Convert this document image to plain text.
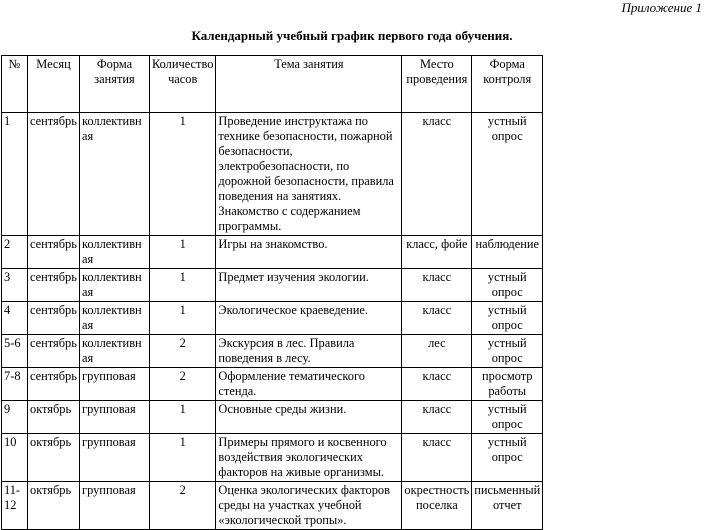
Приложение 1
Календарный учебный график первого года обучения.
№	Месяц	Форма занятия	Количество часов	Тема занятия	Место проведения	Форма контроля
1	сентябрь	коллективная	1	Проведение инструктажа по технике безопасности, пожарной безопасности, электробезопасности, по дорожной безопасности, правила поведения на занятиях. Знакомство с содержанием программы.	класс	устный опрос
2	сентябрь	коллективная	1	Игры на знакомство.	класс, фойе	наблюдение
3	сентябрь	коллективная	1	Предмет изучения экологии.	класс	устный опрос
4	сентябрь	коллективная	1	Экологическое краеведение.	класс	устный опрос
5-6	сентябрь	коллективная	2	Экскурсия в лес. Правила поведения в лесу.	лес	устный опрос
7-8	сентябрь	групповая	2	Оформление тематического стенда.	класс	просмотр работы
9	октябрь	групповая	1	Основные среды жизни.	класс	устный опрос
10	октябрь	групповая	1	Примеры прямого и косвенного воздействия экологических факторов на живые организмы.	класс	устный опрос
11-12	октябрь	групповая	2	Оценка экологических факторов среды на участках учебной «экологической тропы».	окрестность поселка	письменный отчет
